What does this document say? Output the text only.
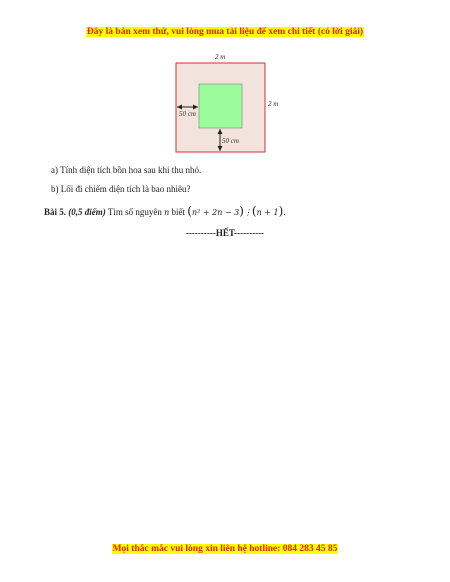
Đây là bản xem thử, vui lòng mua tài liệu để xem chi tiết (có lời giải)
2 m
2 m
50 cm
50 cm
a) Tính diện tích bồn hoa sau khi thu nhỏ.
b) Lối đi chiếm diện tích là bao nhiêu?
Bài 5. (0,5 điểm) Tìm số nguyên n biết (n² + 2n − 3)⋮(n + 1).
----------HẾT----------
Mọi thắc mắc vui lòng xin liên hệ hotline: 084 283 45 85
